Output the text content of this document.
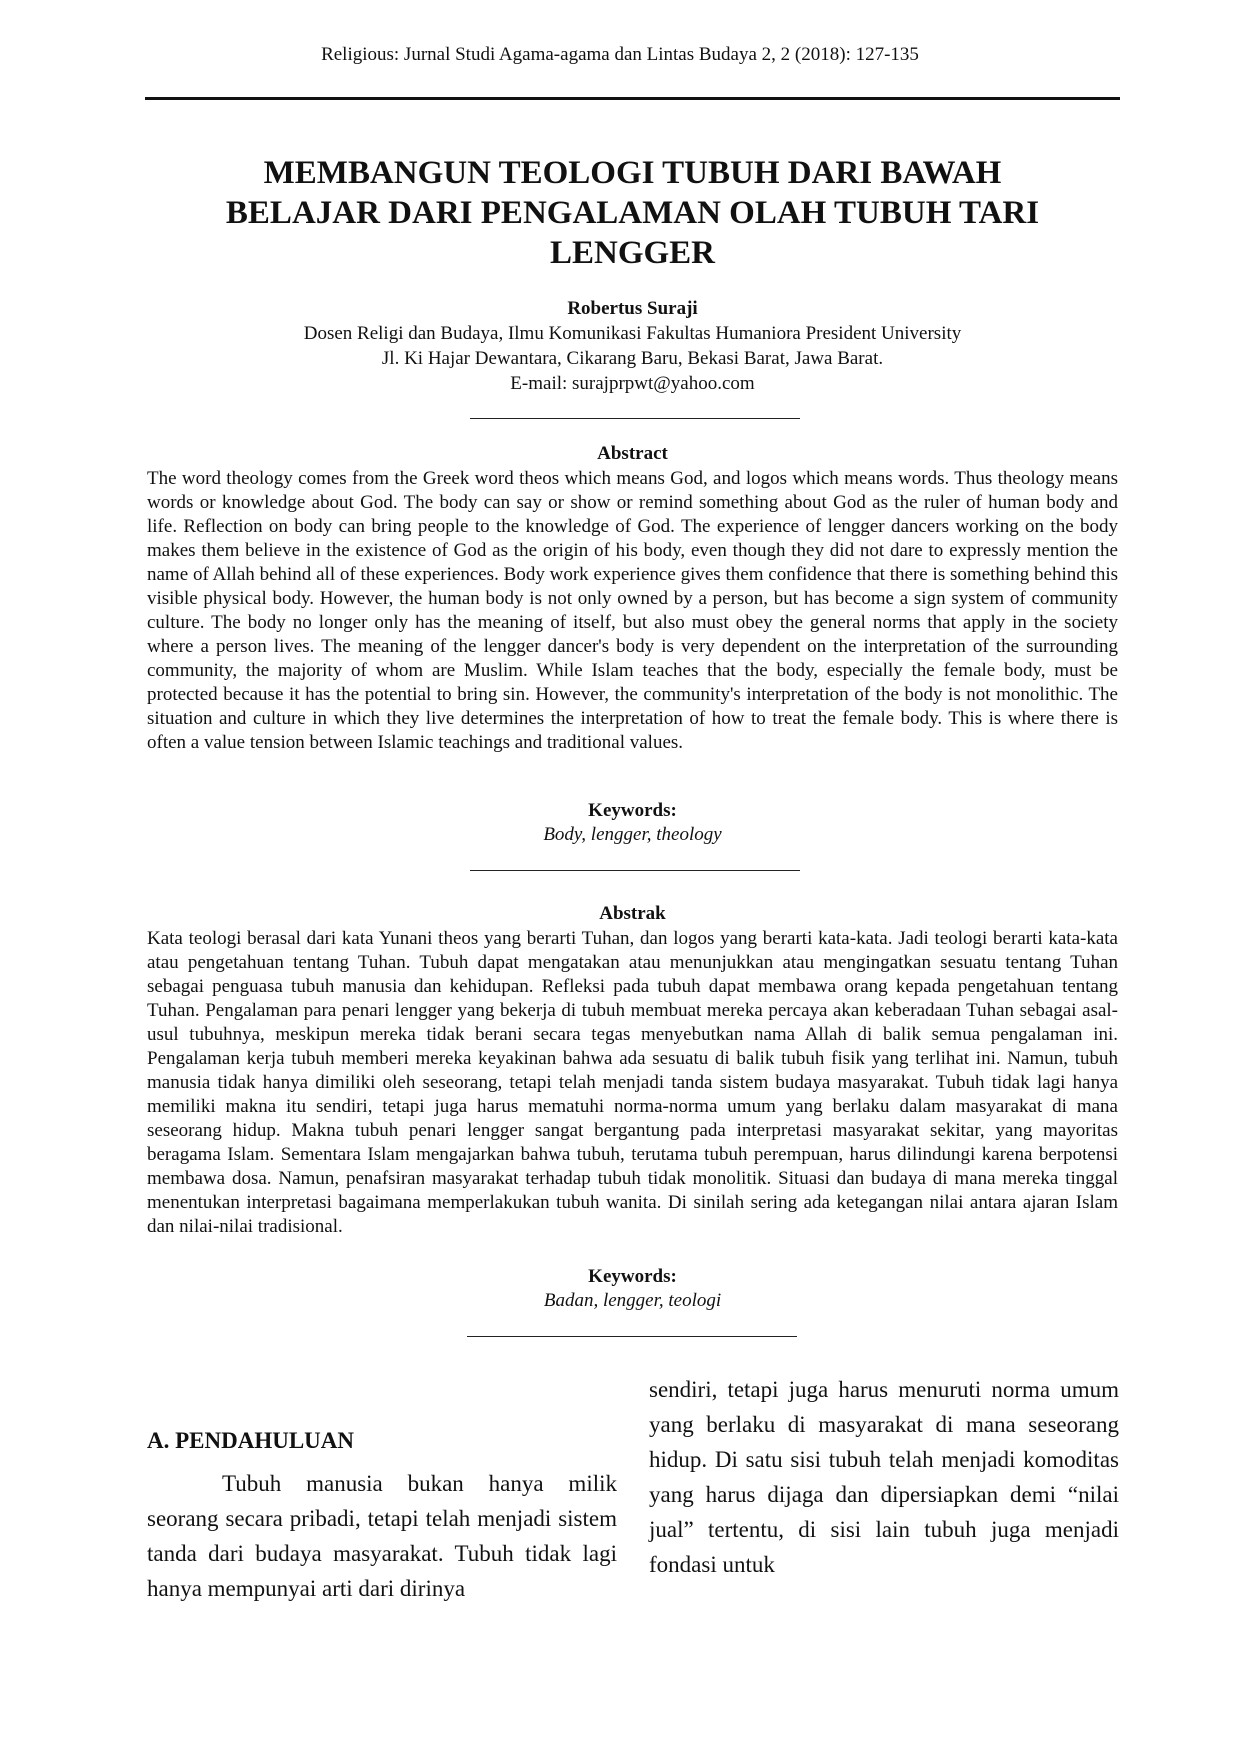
Religious: Jurnal Studi Agama-agama dan Lintas Budaya 2, 2 (2018): 127-135
MEMBANGUN TEOLOGI TUBUH DARI BAWAH
BELAJAR DARI PENGALAMAN OLAH TUBUH TARI
LENGGER
Robertus Suraji
Dosen Religi dan Budaya, Ilmu Komunikasi Fakultas Humaniora President University
Jl. Ki Hajar Dewantara, Cikarang Baru, Bekasi Barat, Jawa Barat.
E-mail: surajprpwt@yahoo.com
Abstract

The word theology comes from the Greek word theos which means God, and logos which means words. Thus theology means words or knowledge about God. The body can say or show or remind something about God as the ruler of human body and life. Reflection on body can bring people to the knowledge of God. The experience of lengger dancers working on the body makes them believe in the existence of God as the origin of his body, even though they did not dare to expressly mention the name of Allah behind all of these experiences. Body work experience gives them confidence that there is something behind this visible physical body. However, the human body is not only owned by a person, but has become a sign system of community culture. The body no longer only has the meaning of itself, but also must obey the general norms that apply in the society where a person lives. The meaning of the lengger dancer's body is very dependent on the interpretation of the surrounding community, the majority of whom are Muslim. While Islam teaches that the body, especially the female body, must be protected because it has the potential to bring sin. However, the community's interpretation of the body is not monolithic. The situation and culture in which they live determines the interpretation of how to treat the female body. This is where there is often a value tension between Islamic teachings and traditional values.

Keywords:
Body, lengger, theology
Abstrak

Kata teologi berasal dari kata Yunani theos yang berarti Tuhan, dan logos yang berarti kata-kata. Jadi teologi berarti kata-kata atau pengetahuan tentang Tuhan. Tubuh dapat mengatakan atau menunjukkan atau mengingatkan sesuatu tentang Tuhan sebagai penguasa tubuh manusia dan kehidupan. Refleksi pada tubuh dapat membawa orang kepada pengetahuan tentang Tuhan. Pengalaman para penari lengger yang bekerja di tubuh membuat mereka percaya akan keberadaan Tuhan sebagai asal-usul tubuhnya, meskipun mereka tidak berani secara tegas menyebutkan nama Allah di balik semua pengalaman ini. Pengalaman kerja tubuh memberi mereka keyakinan bahwa ada sesuatu di balik tubuh fisik yang terlihat ini. Namun, tubuh manusia tidak hanya dimiliki oleh seseorang, tetapi telah menjadi tanda sistem budaya masyarakat. Tubuh tidak lagi hanya memiliki makna itu sendiri, tetapi juga harus mematuhi norma-norma umum yang berlaku dalam masyarakat di mana seseorang hidup. Makna tubuh penari lengger sangat bergantung pada interpretasi masyarakat sekitar, yang mayoritas beragama Islam. Sementara Islam mengajarkan bahwa tubuh, terutama tubuh perempuan, harus dilindungi karena berpotensi membawa dosa. Namun, penafsiran masyarakat terhadap tubuh tidak monolitik. Situasi dan budaya di mana mereka tinggal menentukan interpretasi bagaimana memperlakukan tubuh wanita. Di sinilah sering ada ketegangan nilai antara ajaran Islam dan nilai-nilai tradisional.

Keywords:
Badan, lengger, teologi
A. PENDAHULUAN

Tubuh manusia bukan hanya milik seorang secara pribadi, tetapi telah menjadi sistem tanda dari budaya masyarakat. Tubuh tidak lagi hanya mempunyai arti dari dirinya

sendiri, tetapi juga harus menuruti norma umum yang berlaku di masyarakat di mana seseorang hidup. Di satu sisi tubuh telah menjadi komoditas yang harus dijaga dan dipersiapkan demi “nilai jual” tertentu, di sisi lain tubuh juga menjadi fondasi untuk
